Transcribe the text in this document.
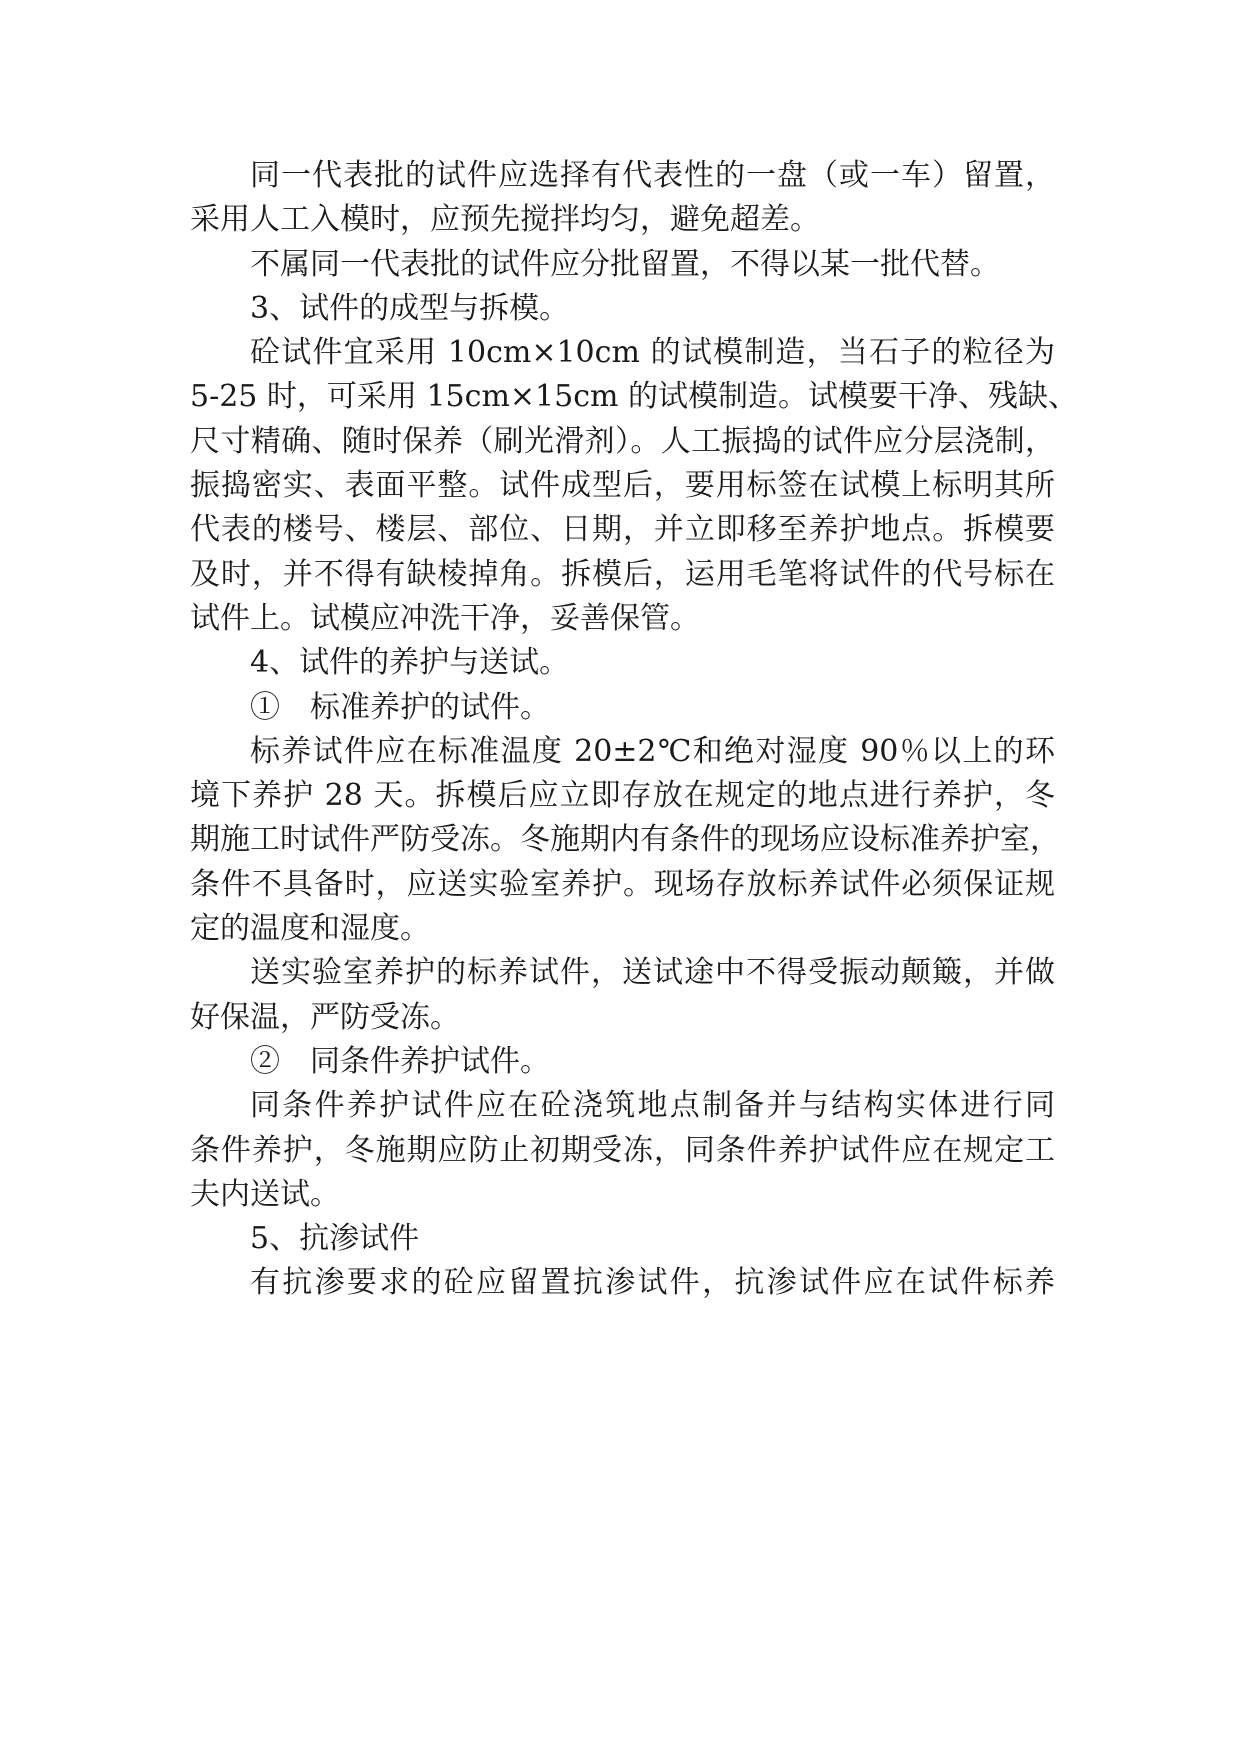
同一代表批的试件应选择有代表性的一盘（或一车）留置，
采用人工入模时，应预先搅拌均匀，避免超差。
不属同一代表批的试件应分批留置，不得以某一批代替。
3、试件的成型与拆模。
砼试件宜采用 10cm×10cm 的试模制造，当石子的粒径为
5-25 时，可采用 15cm×15cm 的试模制造。试模要干净、残缺、
尺寸精确、随时保养（刷光滑剂）。人工振捣的试件应分层浇制，
振捣密实、表面平整。试件成型后，要用标签在试模上标明其所
代表的楼号、楼层、部位、日期，并立即移至养护地点。拆模要
及时，并不得有缺棱掉角。拆模后，运用毛笔将试件的代号标在
试件上。试模应冲洗干净，妥善保管。
4、试件的养护与送试。
①　标准养护的试件。
标养试件应在标准温度 20±2℃和绝对湿度 90％以上的环
境下养护 28 天。拆模后应立即存放在规定的地点进行养护，冬
期施工时试件严防受冻。冬施期内有条件的现场应设标准养护室，
条件不具备时，应送实验室养护。现场存放标养试件必须保证规
定的温度和湿度。
送实验室养护的标养试件，送试途中不得受振动颠簸，并做
好保温，严防受冻。
②　同条件养护试件。
同条件养护试件应在砼浇筑地点制备并与结构实体进行同
条件养护，冬施期应防止初期受冻，同条件养护试件应在规定工
夫内送试。
5、抗渗试件
有抗渗要求的砼应留置抗渗试件，抗渗试件应在试件标养
